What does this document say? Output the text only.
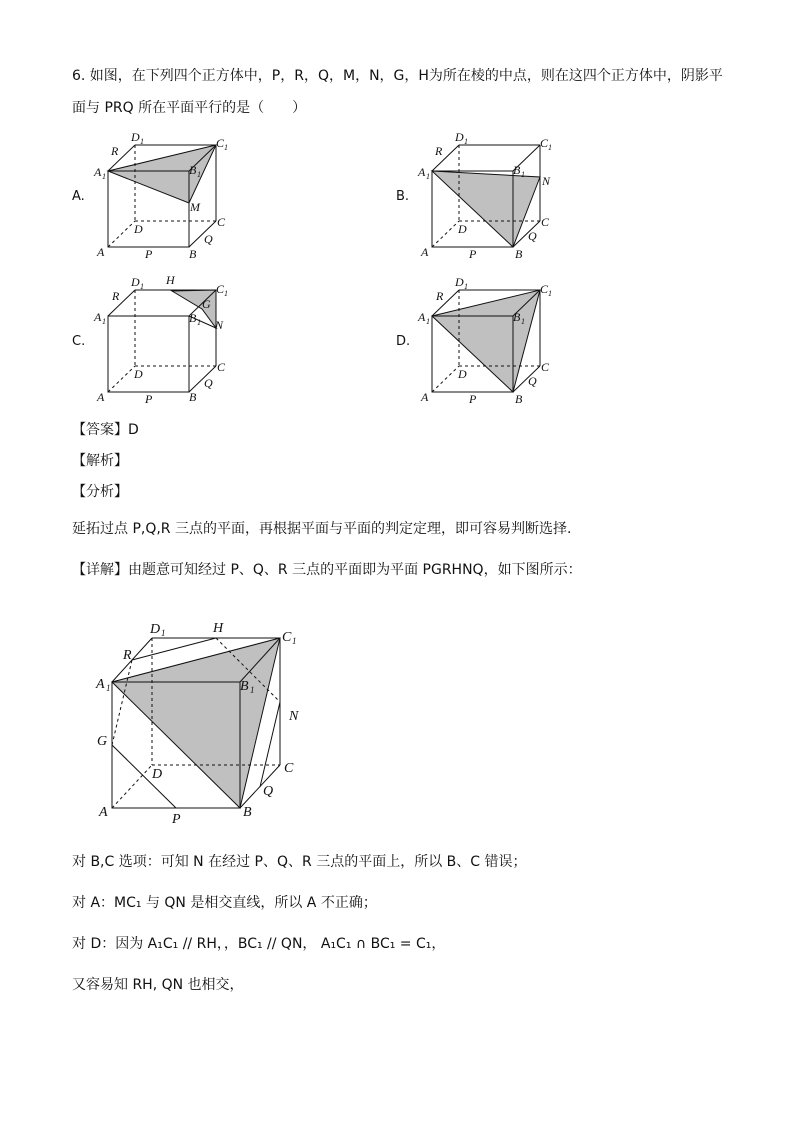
6. 如图，在下列四个正方体中，P，R，Q，M，N，G，H为所在棱的中点，则在这四个正方体中，阴影平
面与 PRQ 所在平面平行的是（　　）
A.	B.
C.	D.
A	B
C
D
A 1	B 1
C 1
D 1
P
Q
R
M
A	B
C
D
A 1	B 1
C 1
D 1
P
Q
R
N
A	B
C
D
A 1	B 1
C 1
D 1
P
Q
R
H
G
N
A	B
C
D
A 1	B 1
C 1
D 1
P
Q
R
【答案】D
【解析】
【分析】
延拓过点 P,Q,R 三点的平面，再根据平面与平面的判定定理，即可容易判断选择.
【详解】由题意可知经过 P、Q、R 三点的平面即为平面 PGRHNQ，如下图所示：
A	B
C
D
A 1	B 1
C 1
D 1
P
Q
R
H
N
G
对 B,C 选项：可知 N 在经过 P、Q、R 三点的平面上，所以 B、C 错误；
对 A：MC₁ 与 QN 是相交直线，所以 A 不正确；
对 D：因为 A₁C₁ // RH，，BC₁ // QN， A₁C₁ ∩ BC₁ = C₁，
又容易知 RH, QN 也相交，
